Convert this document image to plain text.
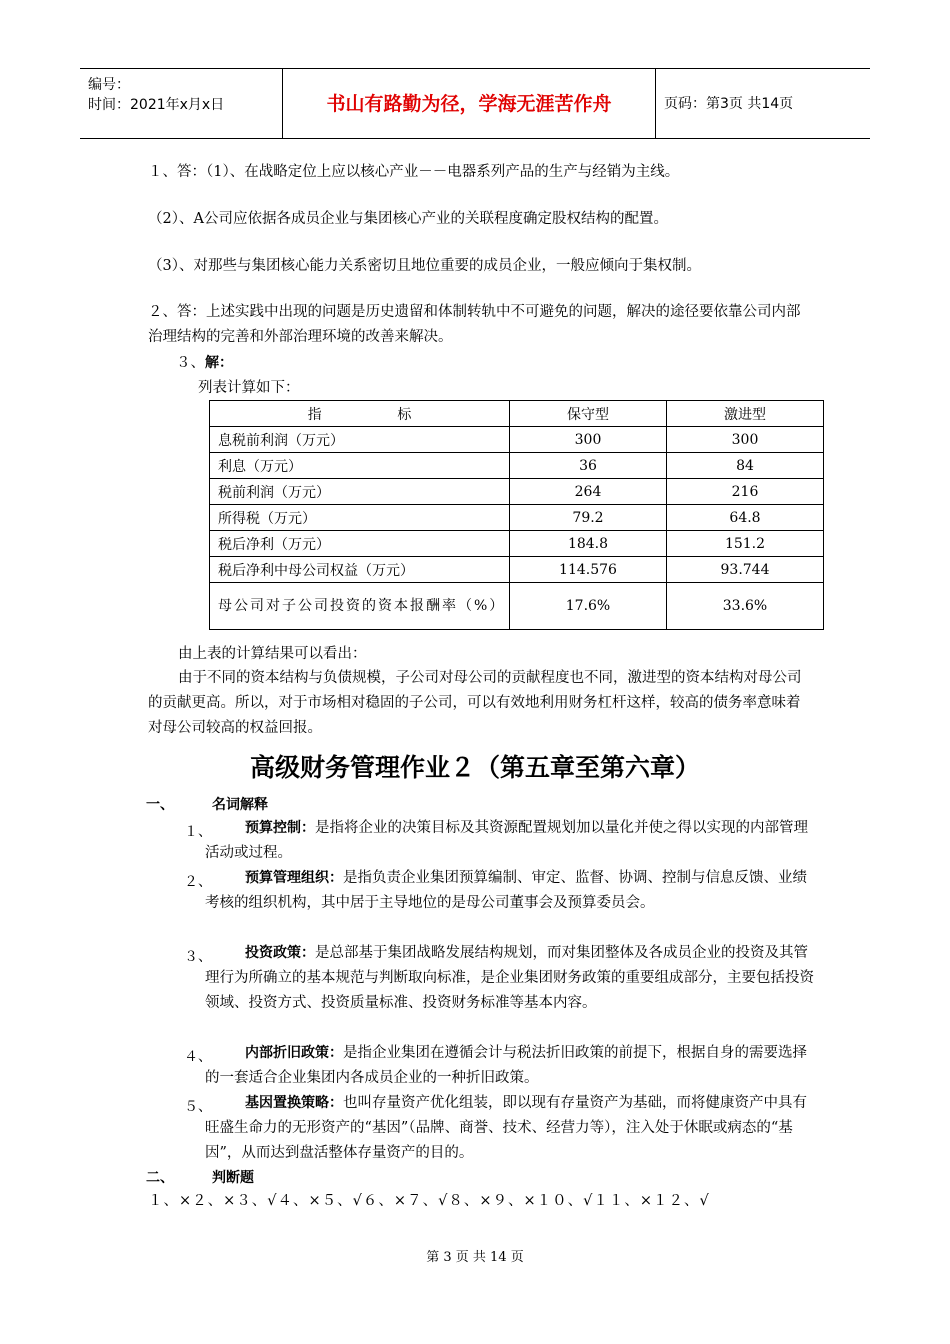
编号：
时间：2021年x月x日	书山有路勤为径，学海无涯苦作舟	页码：第3页 共14页
１、答：（1）、在战略定位上应以核心产业－－电器系列产品的生产与经销为主线。
（2）、A公司应依据各成员企业与集团核心产业的关联程度确定股权结构的配置。
（3）、对那些与集团核心能力关系密切且地位重要的成员企业，一般应倾向于集权制。
２、答：上述实践中出现的问题是历史遗留和体制转轨中不可避免的问题，解决的途径要依靠公司内部治理结构的完善和外部治理环境的改善来解决。
３、解：
列表计算如下：
指                 标	保守型	激进型
息税前利润（万元）	300	300
利息（万元）	36	84
税前利润（万元）	264	216
所得税（万元）	79.2	64.8
税后净利（万元）	184.8	151.2
税后净利中母公司权益（万元）	114.576	93.744
母公司对子公司投资的资本报酬率（%）	17.6%	33.6%
由上表的计算结果可以看出：
由于不同的资本结构与负债规模，子公司对母公司的贡献程度也不同，激进型的资本结构对母公司的贡献更高。所以，对于市场相对稳固的子公司，可以有效地利用财务杠杆这样，较高的债务率意味着对母公司较高的权益回报。
高级财务管理作业２（第五章至第六章）
一、	名词解释
１、	预算控制：是指将企业的决策目标及其资源配置规划加以量化并使之得以实现的内部管理活动或过程。
２、	预算管理组织：是指负责企业集团预算编制、审定、监督、协调、控制与信息反馈、业绩考核的组织机构，其中居于主导地位的是母公司董事会及预算委员会。
３、	投资政策：是总部基于集团战略发展结构规划，而对集团整体及各成员企业的投资及其管理行为所确立的基本规范与判断取向标准，是企业集团财务政策的重要组成部分，主要包括投资领域、投资方式、投资质量标准、投资财务标准等基本内容。
４、	内部折旧政策：是指企业集团在遵循会计与税法折旧政策的前提下，根据自身的需要选择的一套适合企业集团内各成员企业的一种折旧政策。
５、	基因置换策略：也叫存量资产优化组装，即以现有存量资产为基础，而将健康资产中具有旺盛生命力的无形资产的“基因”（品牌、商誉、技术、经营力等），注入处于休眠或病态的“基因”，从而达到盘活整体存量资产的目的。
二、	判断题
１、×２、×３、√４、×５、√６、×７、√８、×９、×１０、√１１、×１２、√
第 3 页 共 14 页
